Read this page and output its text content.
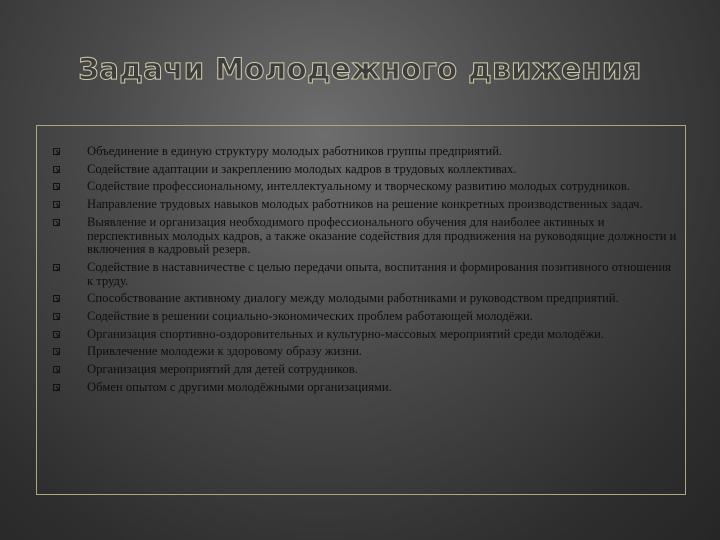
Задачи Молодежного движения
Объединение в единую структуру молодых работников группы предприятий.
Содействие адаптации и закреплению молодых кадров в трудовых коллективах.
Содействие профессиональному, интеллектуальному и творческому развитию молодых сотрудников.
Направление трудовых навыков молодых работников на решение конкретных производственных задач.
Выявление и организация необходимого профессионального обучения для наиболее активных и перспективных молодых кадров, а также оказание содействия для продвижения на руководящие должности и включения в кадровый резерв.
Содействие в наставничестве с целью передачи опыта, воспитания и формирования позитивного отношения к труду.
Способствование активному диалогу между молодыми работниками и руководством предприятий.
Содействие в решении социально-экономических проблем работающей молодёжи.
Организация спортивно-оздоровительных и культурно-массовых мероприятий среди молодёжи.
Привлечение молодежи к здоровому образу жизни.
Организация мероприятий для детей сотрудников.
Обмен опытом с другими молодёжными организациями.
